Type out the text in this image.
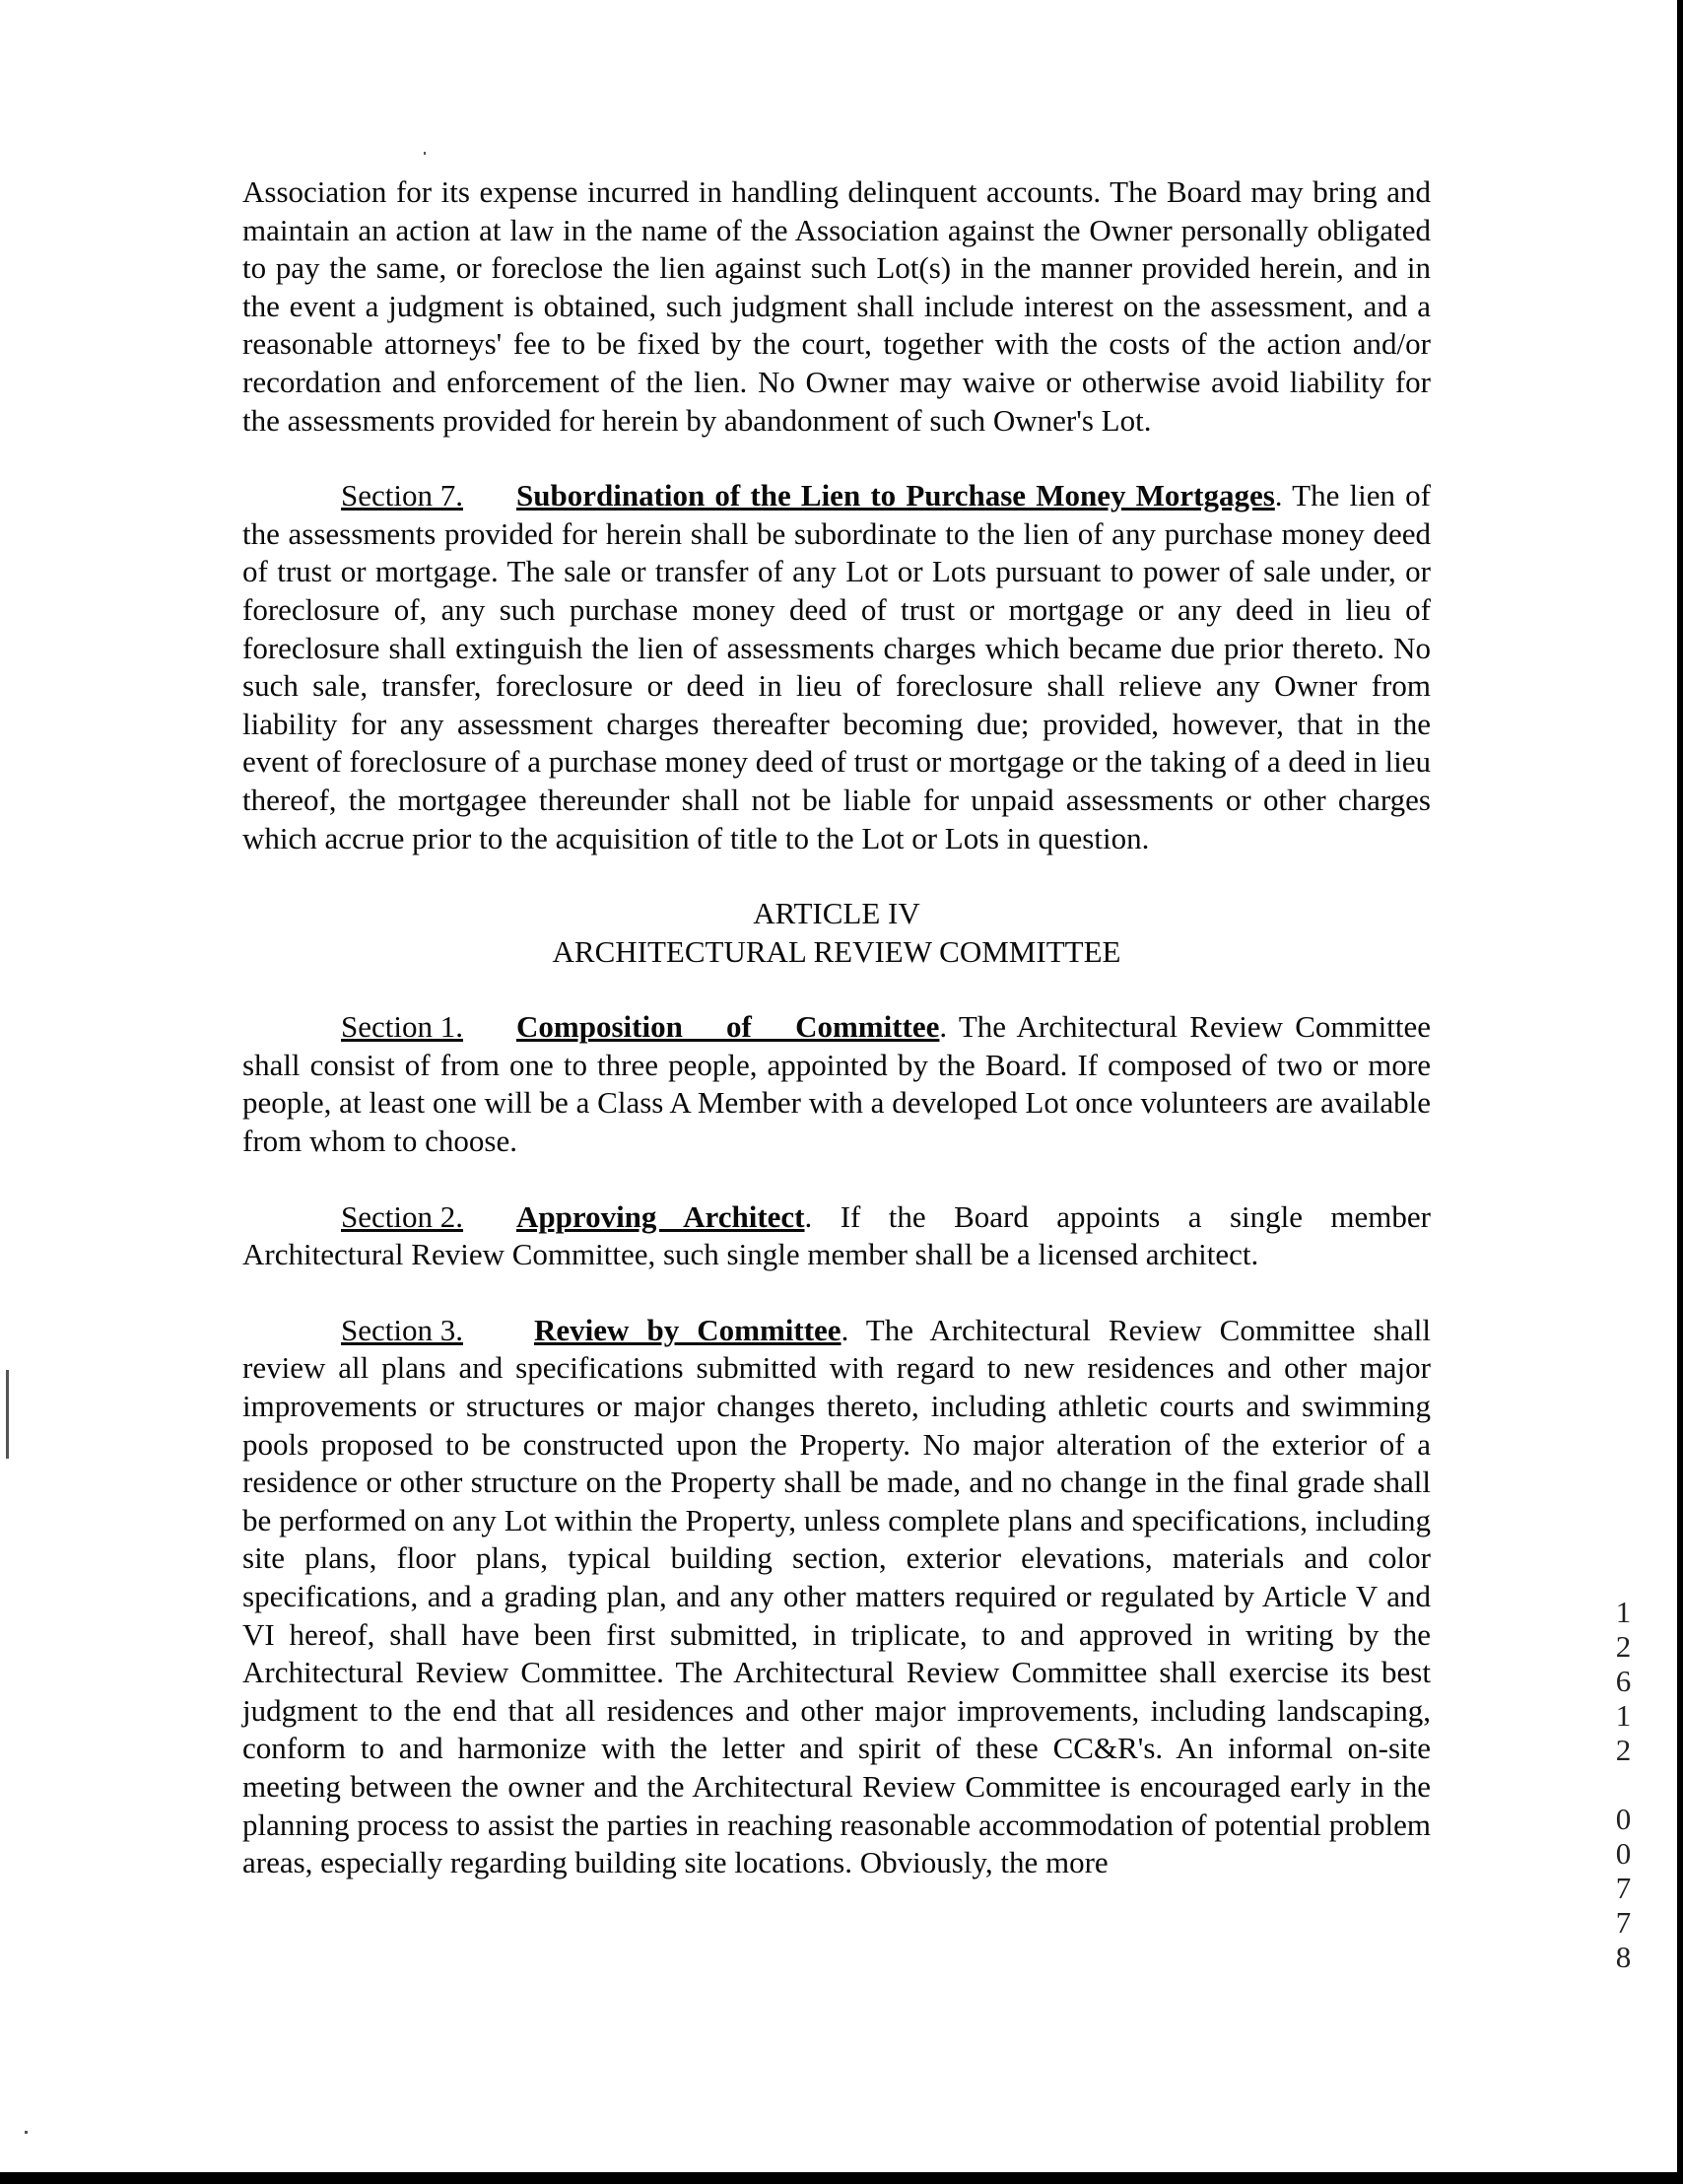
Association for its expense incurred in handling delinquent accounts. The Board may bring and maintain an action at law in the name of the Association against the Owner personally obligated to pay the same, or foreclose the lien against such Lot(s) in the manner provided herein, and in the event a judgment is obtained, such judgment shall include interest on the assessment, and a reasonable attorneys' fee to be fixed by the court, together with the costs of the action and/or recordation and enforcement of the lien. No Owner may waive or otherwise avoid liability for the assessments provided for herein by abandonment of such Owner's Lot.

Section 7. Subordination of the Lien to Purchase Money Mortgages. The lien of the assessments provided for herein shall be subordinate to the lien of any purchase money deed of trust or mortgage. The sale or transfer of any Lot or Lots pursuant to power of sale under, or foreclosure of, any such purchase money deed of trust or mortgage or any deed in lieu of foreclosure shall extinguish the lien of assessments charges which became due prior thereto. No such sale, transfer, foreclosure or deed in lieu of foreclosure shall relieve any Owner from liability for any assessment charges thereafter becoming due; provided, however, that in the event of foreclosure of a purchase money deed of trust or mortgage or the taking of a deed in lieu thereof, the mortgagee thereunder shall not be liable for unpaid assessments or other charges which accrue prior to the acquisition of title to the Lot or Lots in question.

ARTICLE IV

ARCHITECTURAL REVIEW COMMITTEE

Section 1. Composition of Committee. The Architectural Review Committee shall consist of from one to three people, appointed by the Board. If composed of two or more people, at least one will be a Class A Member with a developed Lot once volunteers are available from whom to choose.

Section 2. Approving Architect. If the Board appoints a single member Architectural Review Committee, such single member shall be a licensed architect.

Section 3. Review by Committee. The Architectural Review Committee shall review all plans and specifications submitted with regard to new residences and other major improvements or structures or major changes thereto, including athletic courts and swimming pools proposed to be constructed upon the Property. No major alteration of the exterior of a residence or other structure on the Property shall be made, and no change in the final grade shall be performed on any Lot within the Property, unless complete plans and specifications, including site plans, floor plans, typical building section, exterior elevations, materials and color specifications, and a grading plan, and any other matters required or regulated by Article V and VI hereof, shall have been first submitted, in triplicate, to and approved in writing by the Architectural Review Committee. The Architectural Review Committee shall exercise its best judgment to the end that all residences and other major improvements, including landscaping, conform to and harmonize with the letter and spirit of these CC&R's. An informal on-site meeting between the owner and the Architectural Review Committee is encouraged early in the planning process to assist the parties in reaching reasonable accommodation of potential problem areas, especially regarding building site locations. Obviously, the more	12612 00778
